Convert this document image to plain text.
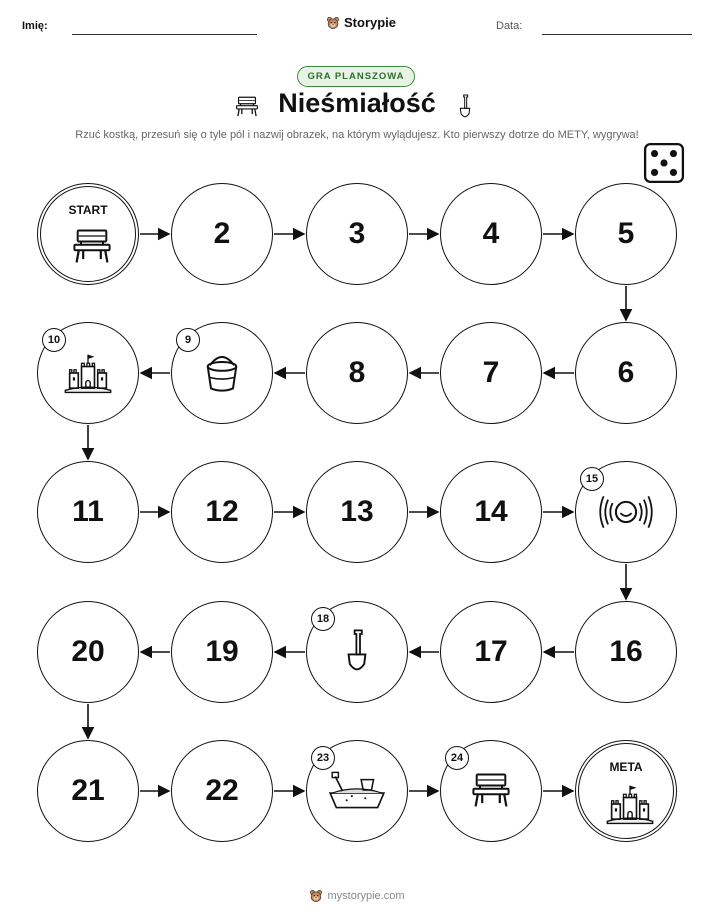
Imię:	Storypie	Data:
GRA PLANSZOWA
Nieśmiałość
Rzuć kostką, przesuń się o tyle pól i nazwij obrazek, na którym wylądujesz. Kto pierwszy dotrze do METY, wygrywa!
START
2	3	4	5
6
7
8
9
10
11	12	13	14
15
16
17
18
19
20
21	22
23	24
META
mystorypie.com
